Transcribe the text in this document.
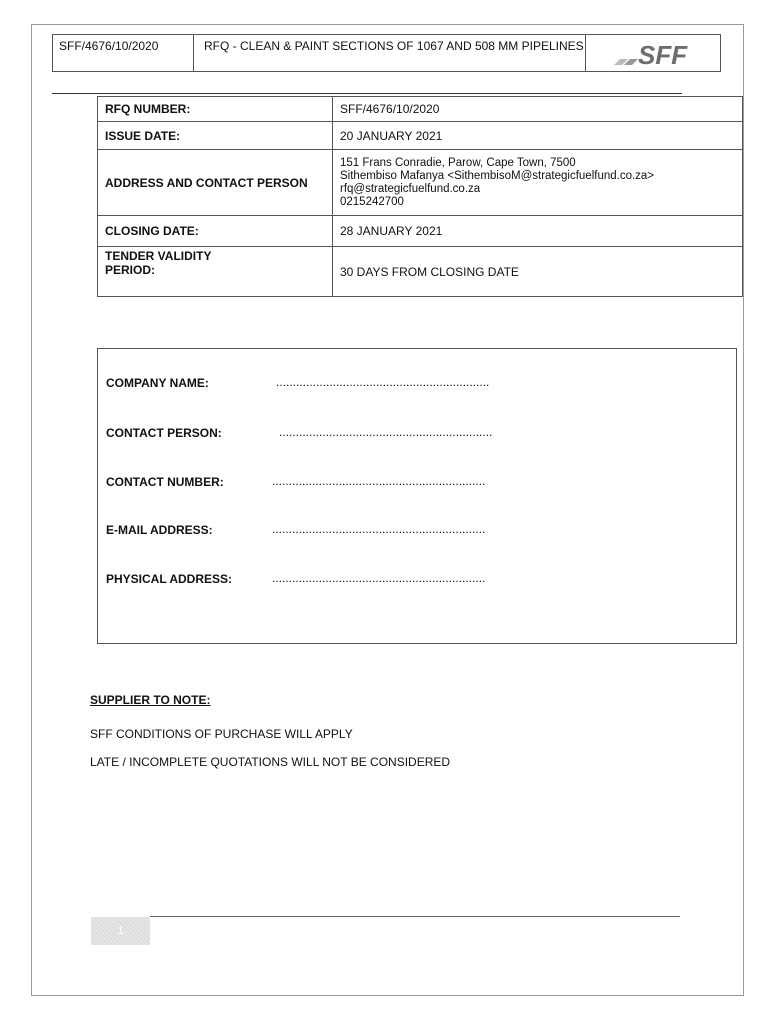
SFF/4676/10/2020	RFQ - CLEAN & PAINT SECTIONS OF 1067 AND 508 MM PIPELINES SFF
RFQ NUMBER:	SFF/4676/10/2020
ISSUE DATE:	20 JANUARY 2021
ADDRESS AND CONTACT PERSON	151 Frans Conradie, Parow, Cape Town, 7500
Sithembiso Mafanya <SithembisoM@strategicfuelfund.co.za>
rfq@strategicfuelfund.co.za
0215242700

CLOSING DATE:	28 JANUARY 2021

TENDER VALIDITY
PERIOD:	30 DAYS FROM CLOSING DATE
COMPANY NAME:	................................................................
CONTACT PERSON:	................................................................
CONTACT NUMBER:	................................................................
E-MAIL ADDRESS:	................................................................
PHYSICAL ADDRESS:	................................................................
SUPPLIER TO NOTE:
SFF CONDITIONS OF PURCHASE WILL APPLY
LATE / INCOMPLETE QUOTATIONS WILL NOT BE CONSIDERED
1
